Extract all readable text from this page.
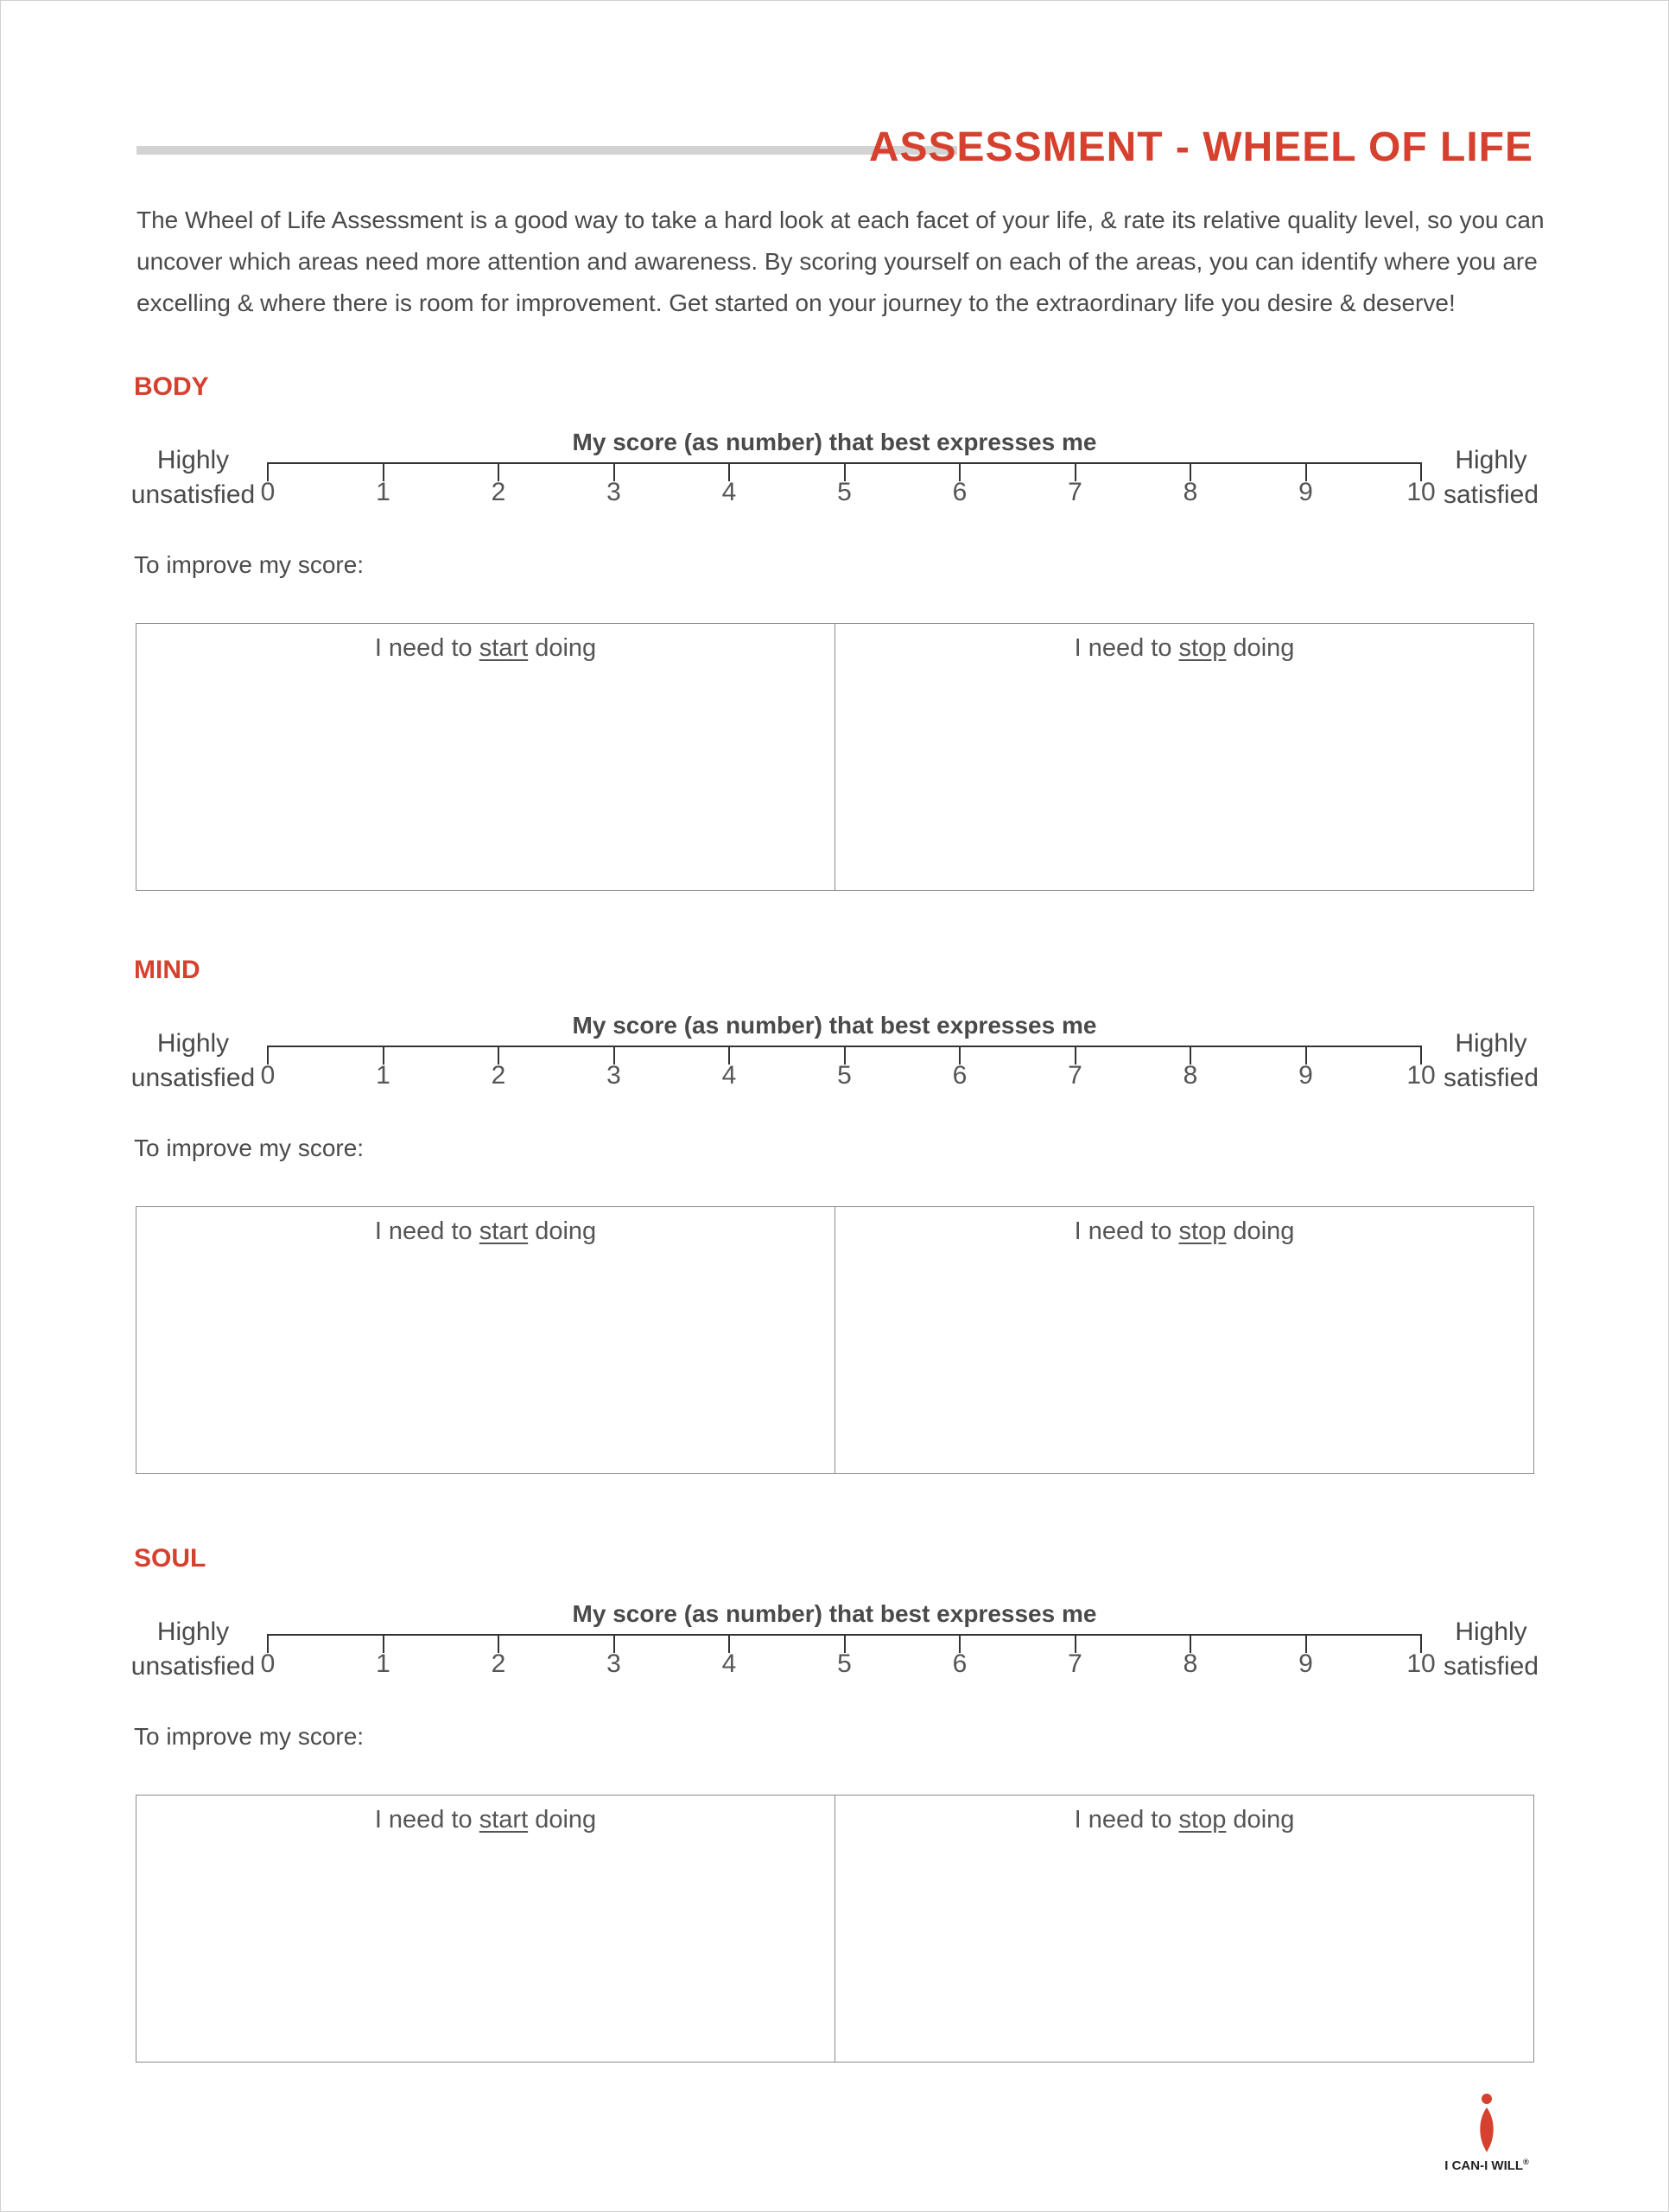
ASSESSMENT - WHEEL OF LIFE

The Wheel of Life Assessment is a good way to take a hard look at each facet of your life, & rate its relative quality level, so you can uncover which areas need more attention and awareness. By scoring yourself on each of the areas, you can identify where you are excelling & where there is room for improvement. Get started on your journey to the extraordinary life you desire & deserve!

BODY
My score (as number) that best expresses me
Highly
unsatisfied
Highly
satisfied
0	1	2	3	4	5	6	7	8	9	10
To improve my score:
I need to start doing	I need to stop doing
MIND
My score (as number) that best expresses me
Highly
unsatisfied
Highly
satisfied
0	1	2	3	4	5	6	7	8	9	10
To improve my score:
I need to start doing	I need to stop doing
SOUL
My score (as number) that best expresses me
Highly
unsatisfied
Highly
satisfied
0	1	2	3	4	5	6	7	8	9	10
To improve my score:
I need to start doing	I need to stop doing
I CAN-I WILL®
